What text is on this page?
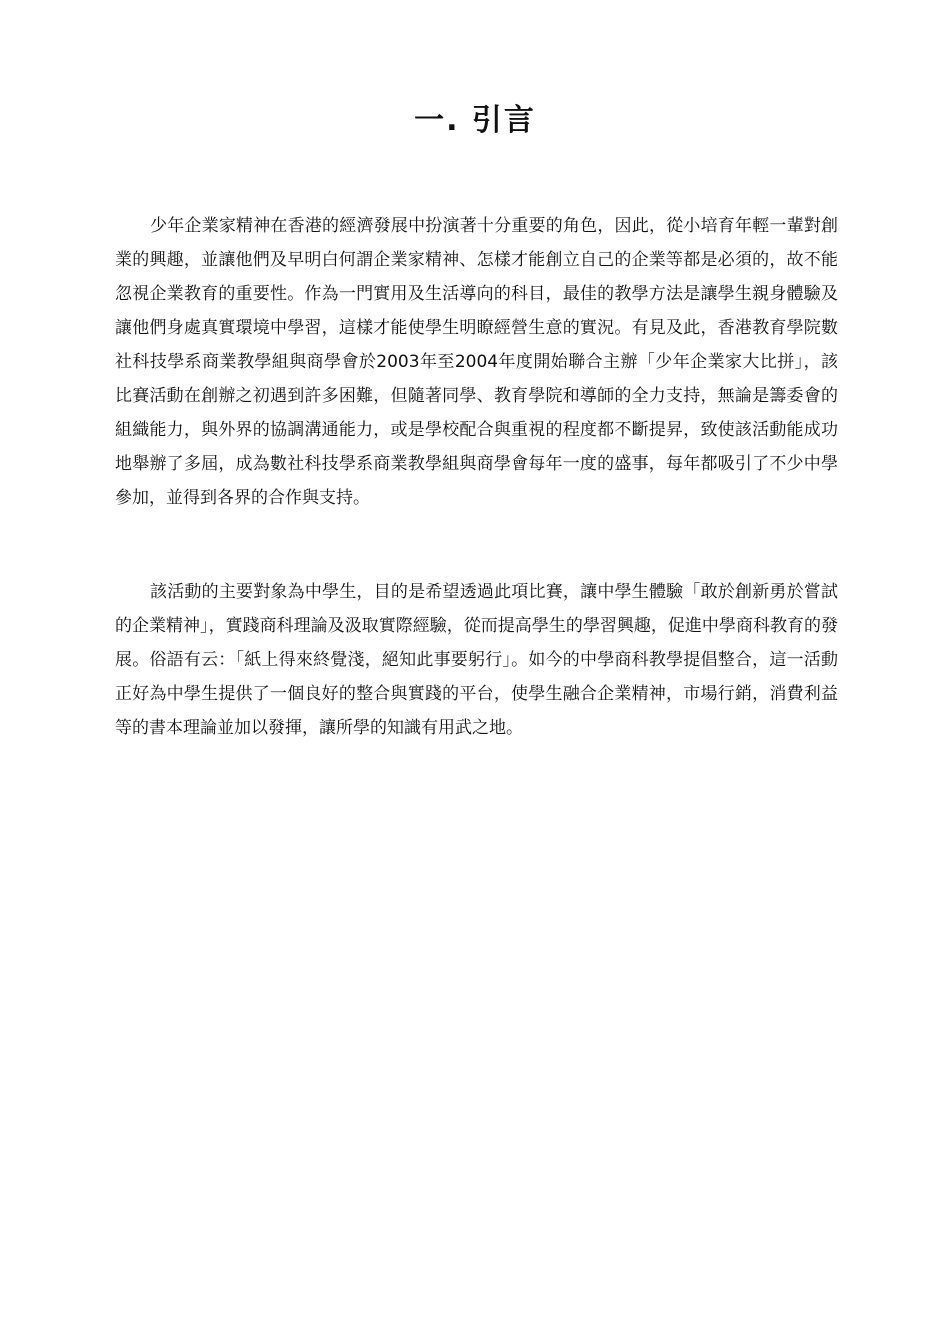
一. 引言

少年企業家精神在香港的經濟發展中扮演著十分重要的角色，因此，從小培育年輕一輩對創業的興趣，並讓他們及早明白何謂企業家精神、怎樣才能創立自己的企業等都是必須的，故不能忽視企業教育的重要性。作為一門實用及生活導向的科目，最佳的教學方法是讓學生親身體驗及讓他們身處真實環境中學習，這樣才能使學生明瞭經營生意的實況。有見及此，香港教育學院數社科技學系商業教學組與商學會於2003年至2004年度開始聯合主辦「少年企業家大比拼」，該比賽活動在創辦之初遇到許多困難，但隨著同學、教育學院和導師的全力支持，無論是籌委會的組織能力，與外界的協調溝通能力，或是學校配合與重視的程度都不斷提昇，致使該活動能成功地舉辦了多屆，成為數社科技學系商業教學組與商學會每年一度的盛事，每年都吸引了不少中學參加，並得到各界的合作與支持。

該活動的主要對象為中學生，目的是希望透過此項比賽，讓中學生體驗「敢於創新勇於嘗試的企業精神」，實踐商科理論及汲取實際經驗，從而提高學生的學習興趣，促進中學商科教育的發展。俗語有云：「紙上得來終覺淺，絕知此事要躬行」。如今的中學商科教學提倡整合，這一活動正好為中學生提供了一個良好的整合與實踐的平台，使學生融合企業精神，市場行銷，消費利益等的書本理論並加以發揮，讓所學的知識有用武之地。
